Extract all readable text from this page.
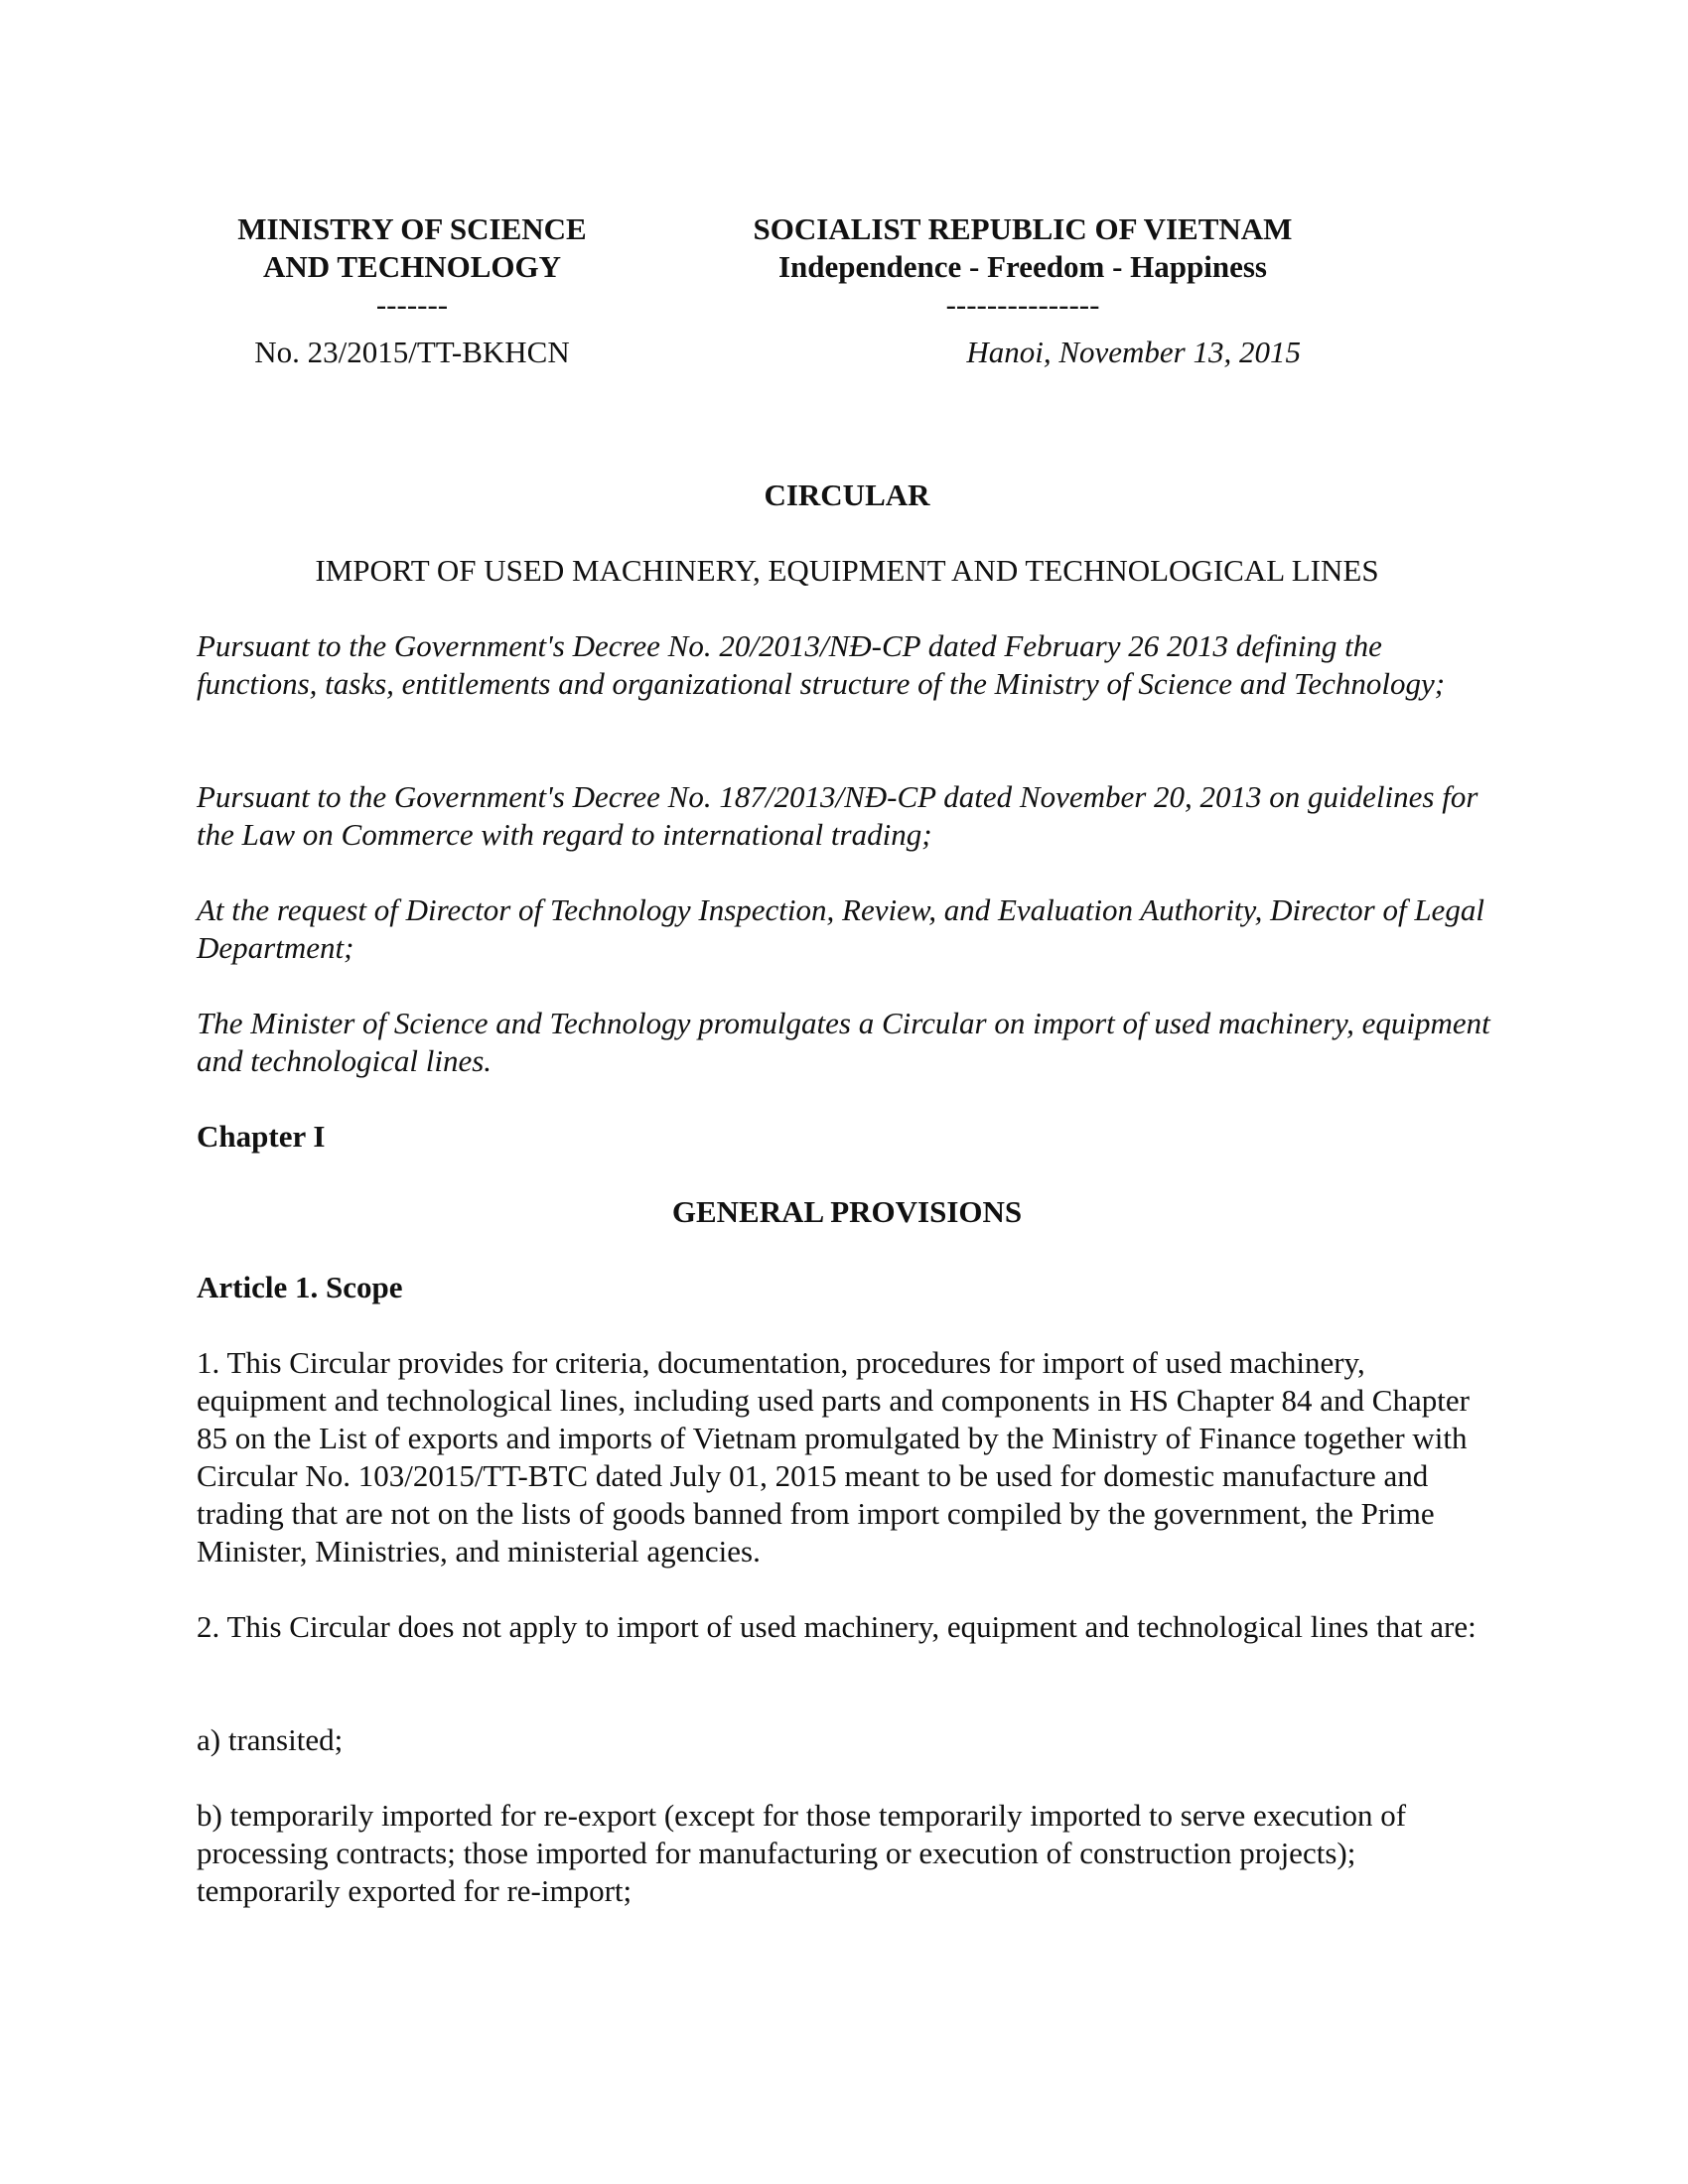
MINISTRY OF SCIENCE
AND TECHNOLOGY
-------
No. 23/2015/TT-BKHCN
SOCIALIST REPUBLIC OF VIETNAM
Independence - Freedom - Happiness
---------------
Hanoi, November 13, 2015
CIRCULAR
IMPORT OF USED MACHINERY, EQUIPMENT AND TECHNOLOGICAL LINES

Pursuant to the Government's Decree No. 20/2013/NĐ-CP dated February 26 2013 defining the functions, tasks, entitlements and organizational structure of the Ministry of Science and Technology;

Pursuant to the Government's Decree No. 187/2013/NĐ-CP dated November 20, 2013 on guidelines for the Law on Commerce with regard to international trading;

At the request of Director of Technology Inspection, Review, and Evaluation Authority, Director of Legal Department;

The Minister of Science and Technology promulgates a Circular on import of used machinery, equipment and technological lines.

Chapter I
GENERAL PROVISIONS
Article 1. Scope

1. This Circular provides for criteria, documentation, procedures for import of used machinery, equipment and technological lines, including used parts and components in HS Chapter 84 and Chapter 85 on the List of exports and imports of Vietnam promulgated by the Ministry of Finance together with Circular No. 103/2015/TT-BTC dated July 01, 2015 meant to be used for domestic manufacture and trading that are not on the lists of goods banned from import compiled by the government, the Prime Minister, Ministries, and ministerial agencies.

2. This Circular does not apply to import of used machinery, equipment and technological lines that are:

a) transited;

b) temporarily imported for re-export (except for those temporarily imported to serve execution of processing contracts; those imported for manufacturing or execution of construction projects); temporarily exported for re-import;
